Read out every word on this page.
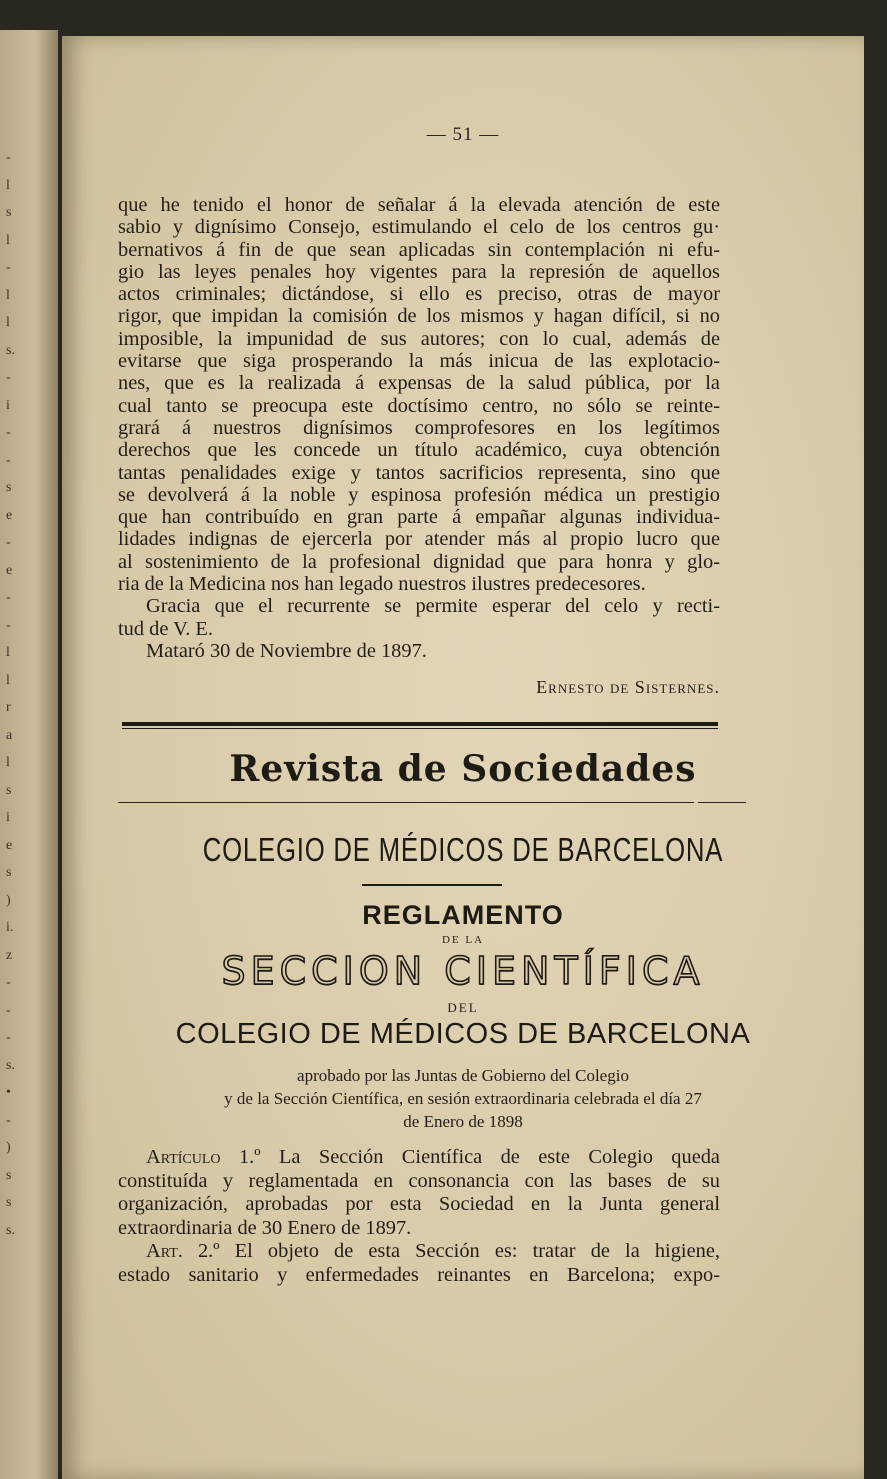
— 51 —
que he tenido el honor de señalar á la elevada atención de este
sabio y dignísimo Consejo, estimulando el celo de los centros gu·
bernativos á fin de que sean aplicadas sin contemplación ni efu-
gio las leyes penales hoy vigentes para la represión de aquellos
actos criminales; dictándose, si ello es preciso, otras de mayor
rigor, que impidan la comisión de los mismos y hagan difícil, si no
imposible, la impunidad de sus autores; con lo cual, además de
evitarse que siga prosperando la más inicua de las explotacio-
nes, que es la realizada á expensas de la salud pública, por la
cual tanto se preocupa este doctísimo centro, no sólo se reinte-
grará á nuestros dignísimos comprofesores en los legítimos
derechos que les concede un título académico, cuya obtención
tantas penalidades exige y tantos sacrificios representa, sino que
se devolverá á la noble y espinosa profesión médica un prestigio
que han contribuído en gran parte á empañar algunas individua-
lidades indignas de ejercerla por atender más al propio lucro que
al sostenimiento de la profesional dignidad que para honra y glo-
ria de la Medicina nos han legado nuestros ilustres predecesores.
Gracia que el recurrente se permite esperar del celo y recti-
tud de V. E.
Mataró 30 de Noviembre de 1897.
Ernesto de Sisternes.
Revista de Sociedades
COLEGIO DE MÉDICOS DE BARCELONA
REGLAMENTO
DE LA
SECCION CIENTÍFICA
DEL
COLEGIO DE MÉDICOS DE BARCELONA
aprobado por las Juntas de Gobierno del Colegio
y de la Sección Científica, en sesión extraordinaria celebrada el día 27
de Enero de 1898
Artículo 1.º La Sección Científica de este Colegio queda
constituída y reglamentada en consonancia con las bases de su
organización, aprobadas por esta Sociedad en la Junta general
extraordinaria de 30 Enero de 1897.
Art. 2.º El objeto de esta Sección es: tratar de la higiene,
estado sanitario y enfermedades reinantes en Barcelona; expo-
-
l
s
l
-
l
l
s.
-
i
-
-
s
e
-
e
-
-
l
l
r
a
l
s
i
e
s
)
i.
z
-
-
-
s.
•
-
)
s
s
s.
